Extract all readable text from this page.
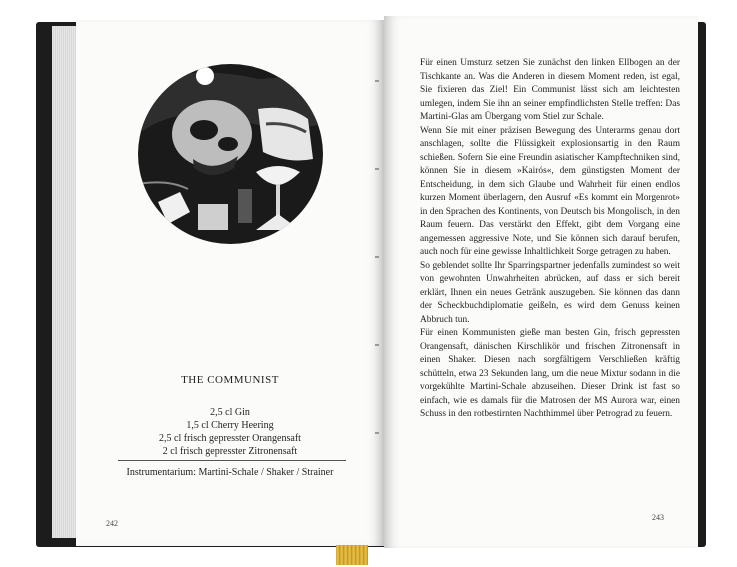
THE COMMUNIST
2,5 cl Gin
1,5 cl Cherry Heering
2,5 cl frisch gepresster Orangensaft
2 cl frisch gepresster Zitronensaft
Instrumentarium: Martini-Schale / Shaker / Strainer
242

Für einen Umsturz setzen Sie zunächst den linken Ellbogen an der Tischkante an. Was die Anderen in diesem Moment reden, ist egal, Sie fixieren das Ziel! Ein Communist lässt sich am leichtesten umlegen, indem Sie ihn an seiner empfindlichsten Stelle treffen: Das Martini-Glas am Übergang vom Stiel zur Schale.

Wenn Sie mit einer präzisen Bewegung des Unterarms genau dort anschlagen, sollte die Flüssigkeit explosionsartig in den Raum schießen. Sofern Sie eine Freundin asiatischer Kampftechniken sind, können Sie in diesem »Kairós«, dem günstigsten Moment der Entscheidung, in dem sich Glaube und Wahrheit für einen endlos kurzen Moment überlagern, den Ausruf «Es kommt ein Morgenrot» in den Sprachen des Kontinents, von Deutsch bis Mongolisch, in den Raum feuern. Das verstärkt den Effekt, gibt dem Vorgang eine angemessen aggressive Note, und Sie können sich darauf berufen, auch noch für eine gewisse Inhaltlichkeit Sorge getragen zu haben.

So geblendet sollte Ihr Sparringspartner jedenfalls zumindest so weit von gewohnten Unwahrheiten abrücken, auf dass er sich bereit erklärt, Ihnen ein neues Getränk auszugeben. Sie können das dann der Scheckbuchdiplomatie geißeln, es wird dem Genuss keinen Abbruch tun.

Für einen Kommunisten gieße man besten Gin, frisch gepressten Orangensaft, dänischen Kirschlikör und frischen Zitronensaft in einen Shaker. Diesen nach sorgfältigem Verschließen kräftig schütteln, etwa 23 Sekunden lang, um die neue Mixtur sodann in die vorgekühlte Martini-Schale abzuseihen. Dieser Drink ist fast so einfach, wie es damals für die Matrosen der MS Aurora war, einen Schuss in den rotbestirnten Nachthimmel über Petrograd zu feuern.

243
